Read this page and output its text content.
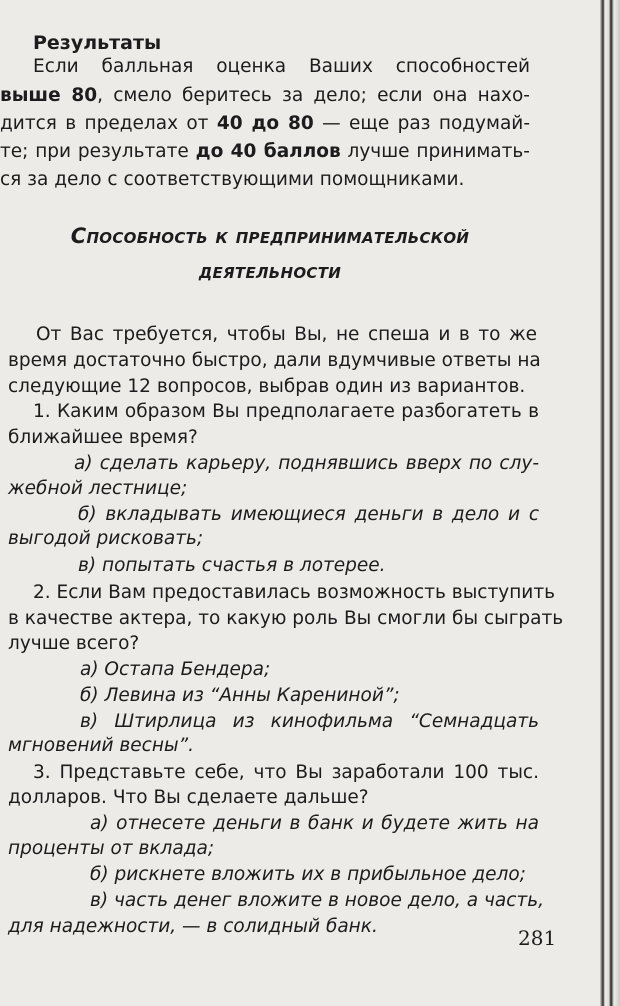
Результаты
Если балльная оценка Ваших способностей
выше 80, смело беритесь за дело; если она нахо-
дится в пределах от 40 до 80 — еще раз подумай-
те; при результате до 40 баллов лучше принимать-
ся за дело с соответствующими помощниками.
Способность к предпринимательской
деятельности
От Вас требуется, чтобы Вы, не спеша и в то же
время достаточно быстро, дали вдумчивые ответы на
следующие 12 вопросов, выбрав один из вариантов.
1. Каким образом Вы предполагаете разбогатеть в
ближайшее время?
а) сделать карьеру, поднявшись вверх по слу-
жебной лестнице;
б) вкладывать имеющиеся деньги в дело и с
выгодой рисковать;
в) попытать счастья в лотерее.
2. Если Вам предоставилась возможность выступить
в качестве актера, то какую роль Вы смогли бы сыграть
лучше всего?
а) Остапа Бендера;
б) Левина из “Анны Карениной”;
в) Штирлица из кинофильма “Семнадцать
мгновений весны”.
3. Представьте себе, что Вы заработали 100 тыс.
долларов. Что Вы сделаете дальше?
а) отнесете деньги в банк и будете жить на
проценты от вклада;
б) рискнете вложить их в прибыльное дело;
в) часть денег вложите в новое дело, а часть,
для надежности, — в солидный банк.	281
